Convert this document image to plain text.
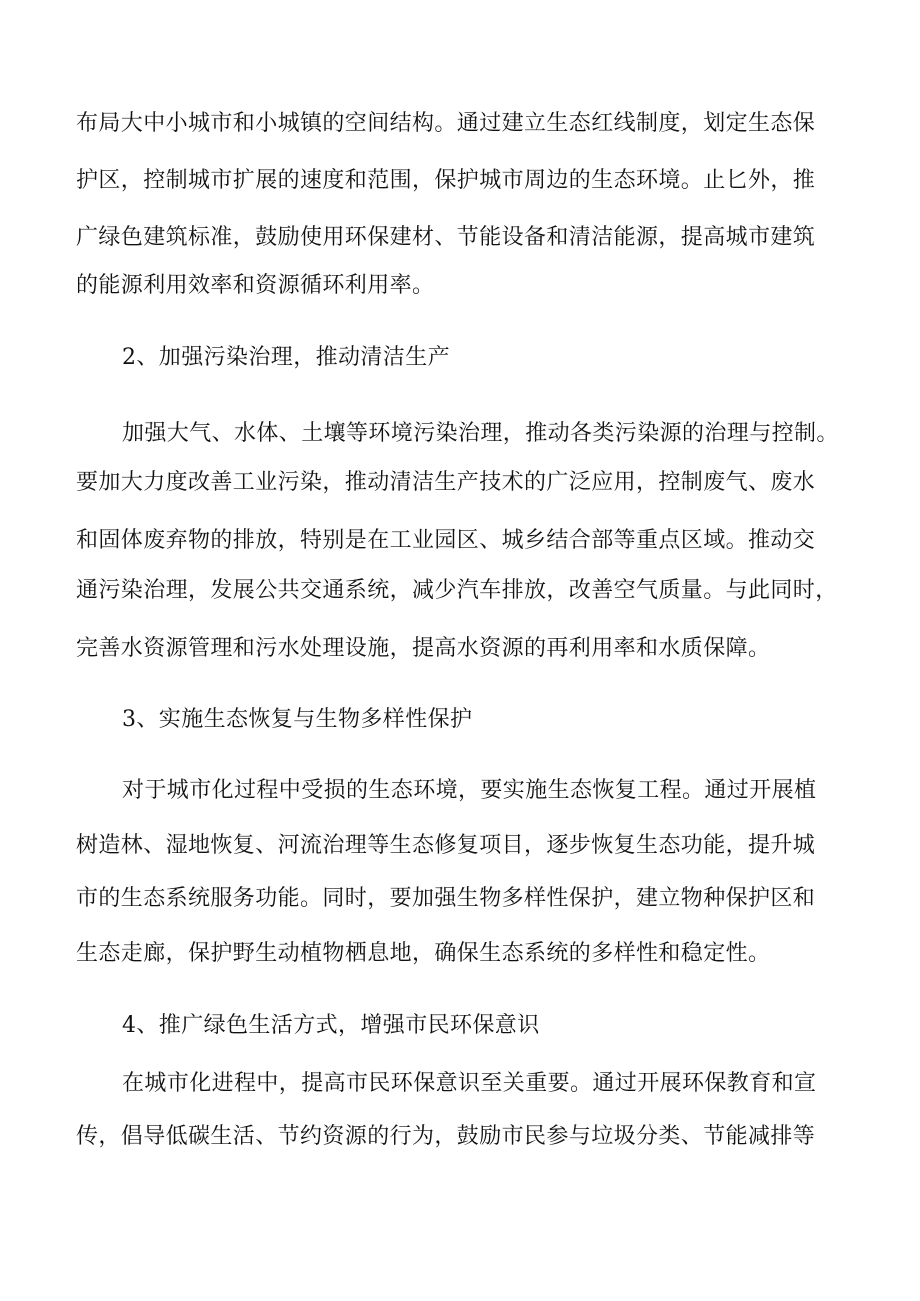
布局大中小城市和小城镇的空间结构。通过建立生态红线制度，划定生态保
护区，控制城市扩展的速度和范围，保护城市周边的生态环境。止匕外，推
广绿色建筑标准，鼓励使用环保建材、节能设备和清洁能源，提高城市建筑
的能源利用效率和资源循环利用率。
2、加强污染治理，推动清洁生产
加强大气、水体、土壤等环境污染治理，推动各类污染源的治理与控制。
要加大力度改善工业污染，推动清洁生产技术的广泛应用，控制废气、废水
和固体废弃物的排放，特别是在工业园区、城乡结合部等重点区域。推动交
通污染治理，发展公共交通系统，减少汽车排放，改善空气质量。与此同时，
完善水资源管理和污水处理设施，提高水资源的再利用率和水质保障。
3、实施生态恢复与生物多样性保护
对于城市化过程中受损的生态环境，要实施生态恢复工程。通过开展植
树造林、湿地恢复、河流治理等生态修复项目，逐步恢复生态功能，提升城
市的生态系统服务功能。同时，要加强生物多样性保护，建立物种保护区和
生态走廊，保护野生动植物栖息地，确保生态系统的多样性和稳定性。
4、推广绿色生活方式，增强市民环保意识
在城市化进程中，提高市民环保意识至关重要。通过开展环保教育和宣
传，倡导低碳生活、节约资源的行为，鼓励市民参与垃圾分类、节能减排等
